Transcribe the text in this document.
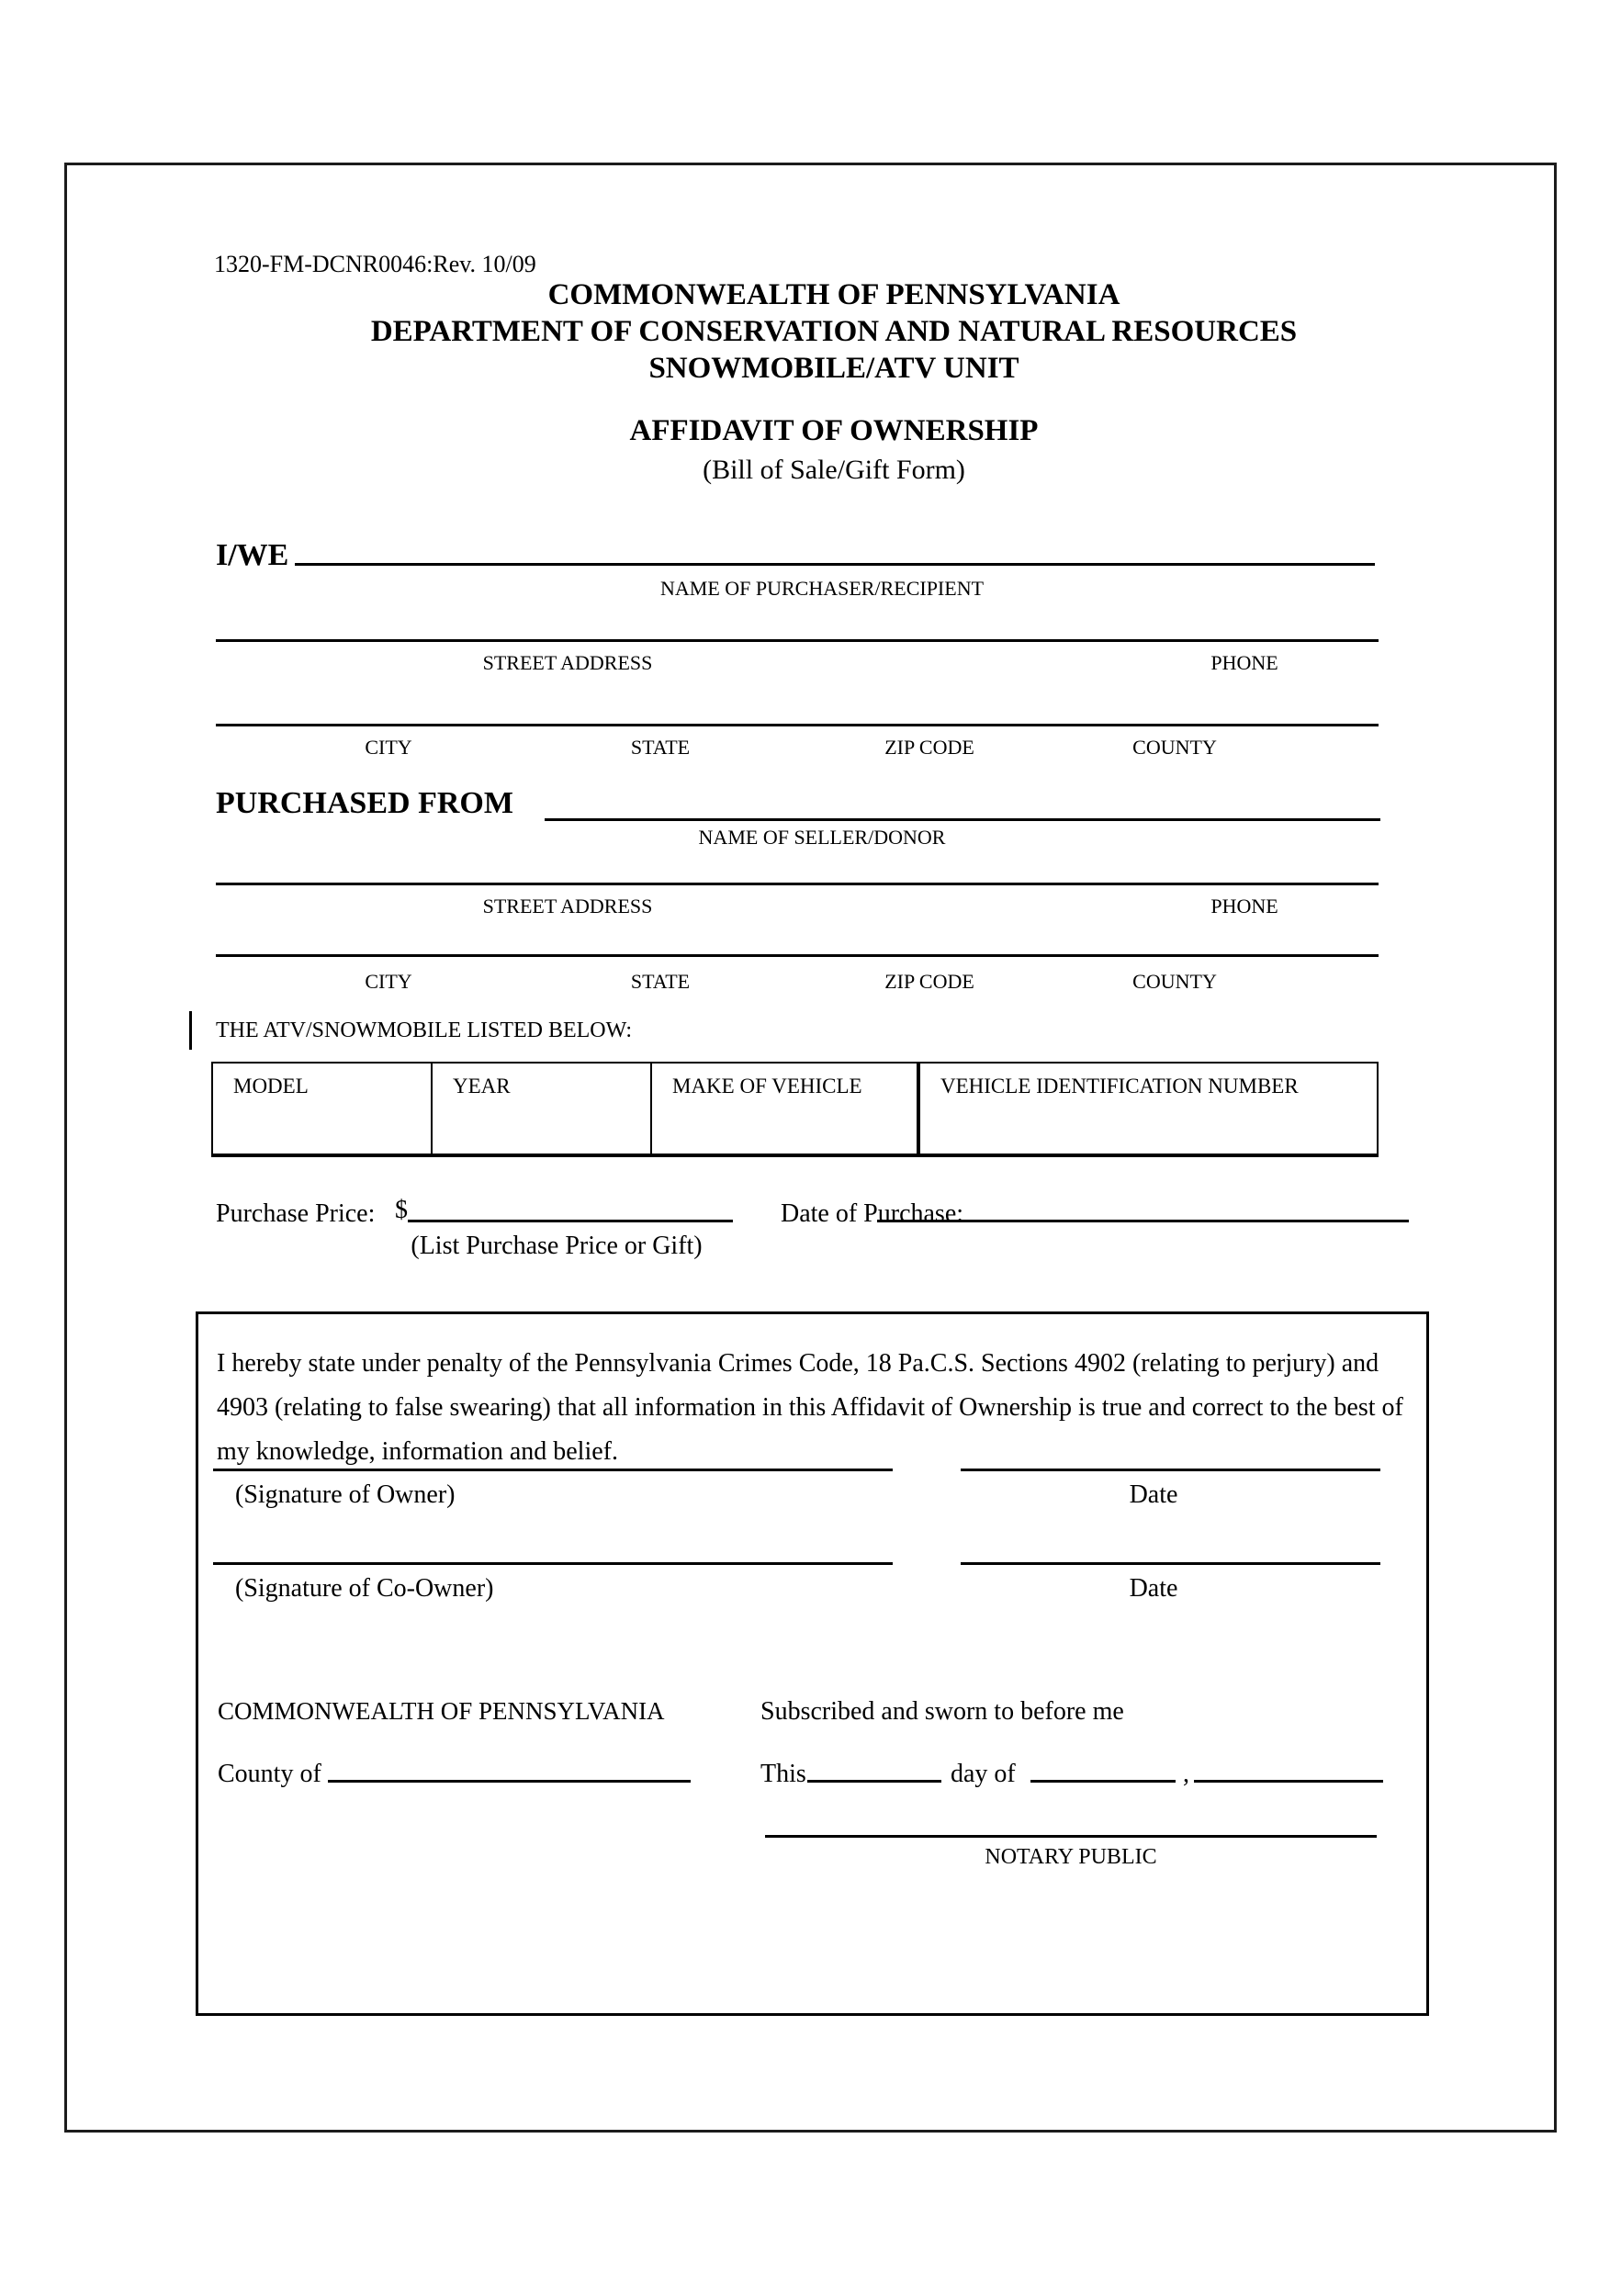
1320-FM-DCNR0046:Rev. 10/09
COMMONWEALTH OF PENNSYLVANIA
DEPARTMENT OF CONSERVATION AND NATURAL RESOURCES
SNOWMOBILE/ATV UNIT
AFFIDAVIT OF OWNERSHIP
(Bill of Sale/Gift Form)
I/WE
NAME OF PURCHASER/RECIPIENT
STREET ADDRESS	PHONE
CITY	STATE	ZIP CODE	COUNTY
PURCHASED FROM
NAME OF SELLER/DONOR
STREET ADDRESS	PHONE
CITY	STATE	ZIP CODE	COUNTY
THE ATV/SNOWMOBILE LISTED BELOW:
MODEL	YEAR	MAKE OF VEHICLE	VEHICLE IDENTIFICATION NUMBER
Purchase Price: $
(List Purchase Price or Gift)
Date of Purchase:
I hereby state under penalty of the Pennsylvania Crimes Code, 18 Pa.C.S. Sections 4902 (relating to perjury) and 4903 (relating to false swearing) that all information in this Affidavit of Ownership is true and correct to the best of my knowledge, information and belief.
(Signature of Owner)	Date
(Signature of Co-Owner)	Date
COMMONWEALTH OF PENNSYLVANIA	Subscribed and sworn to before me
County of	This	day of	,
NOTARY PUBLIC
